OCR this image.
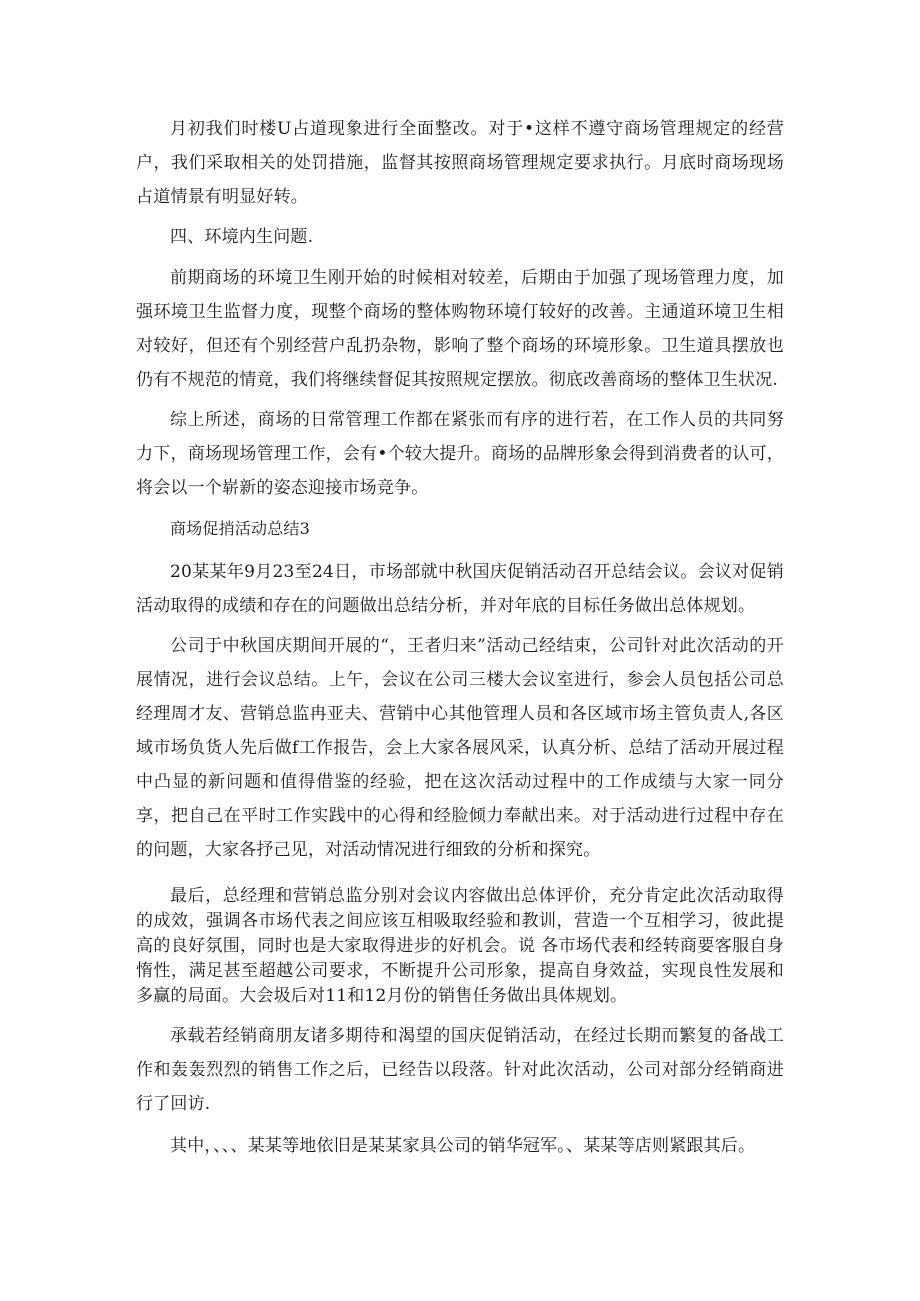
月初我们时楼U占道现象进行全面整改。对于•这样不遵守商场管理规定的经营户，我们采取相关的处罚措施，监督其按照商场管理规定要求执行。月底时商场现场占道情景有明显好转。

四、环境内生问题.

前期商场的环境卫生刚开始的时候相对较差，后期由于加强了现场管理力度，加强环境卫生监督力度，现整个商场的整体购物环境仃较好的改善。主通道环境卫生相对较好，但还有个别经营户乱扔杂物，影响了整个商场的环境形象。卫生道具摆放也仍有不规范的情竟，我们将继续督促其按照规定摆放。彻底改善商场的整体卫生状况.

综上所述，商场的日常管理工作都在紧张而有序的进行若，在工作人员的共同努力下，商场现场管理工作，会有•个较大提升。商场的品牌形象会得到消费者的认可，将会以一个崭新的姿态迎接市场竞争。

商场促捎活动总结3

20某某年9月23至24日，市场部就中秋国庆促销活动召开总结会议。会议对促销活动取得的成绩和存在的问题做出总结分析，并对年底的目标任务做出总体规划。

公司于中秋国庆期间开展的“，王者归来”活动己经结束，公司针对此次活动的开展情况，进行会议总结。上午，会议在公司三楼大会议室进行，参会人员包括公司总经理周才友、营销总监冉亚夫、营销中心其他管理人员和各区域市场主管负责人,各区域市场负货人先后做f工作报告，会上大家各展风采，认真分析、总结了活动开展过程中凸显的新问题和值得借鉴的经验，把在这次活动过程中的工作成绩与大家一同分享，把自己在平时工作实践中的心得和经脸倾力奉献出来。对于活动进行过程中存在的问题，大家各抒己见，对活动情况进行细致的分析和探究。

最后，总经理和营销总监分别对会议内容做出总体评价，充分肯定此次活动取得的成效，强调各市场代表之间应该互相吸取经验和教训，营造一个互相学习，彼此提高的良好氛围，同时也是大家取得进步的好机会。说 各市场代表和经转商要客服自身惰性，满足甚至超越公司要求，不断提升公司形象，提高自身效益，实现良性发展和多赢的局面。大会圾后对11和12月份的销售任务做出具体规划。

承载若经销商朋友诸多期待和渴望的国庆促销活动，在经过长期而繁复的备战工作和轰轰烈烈的销售工作之后，已经告以段落。针对此次活动，公司对部分经销商进行了回访.

其中，、、、某某等地依旧是某某家具公司的销华冠军。、某某等店则紧跟其后。
